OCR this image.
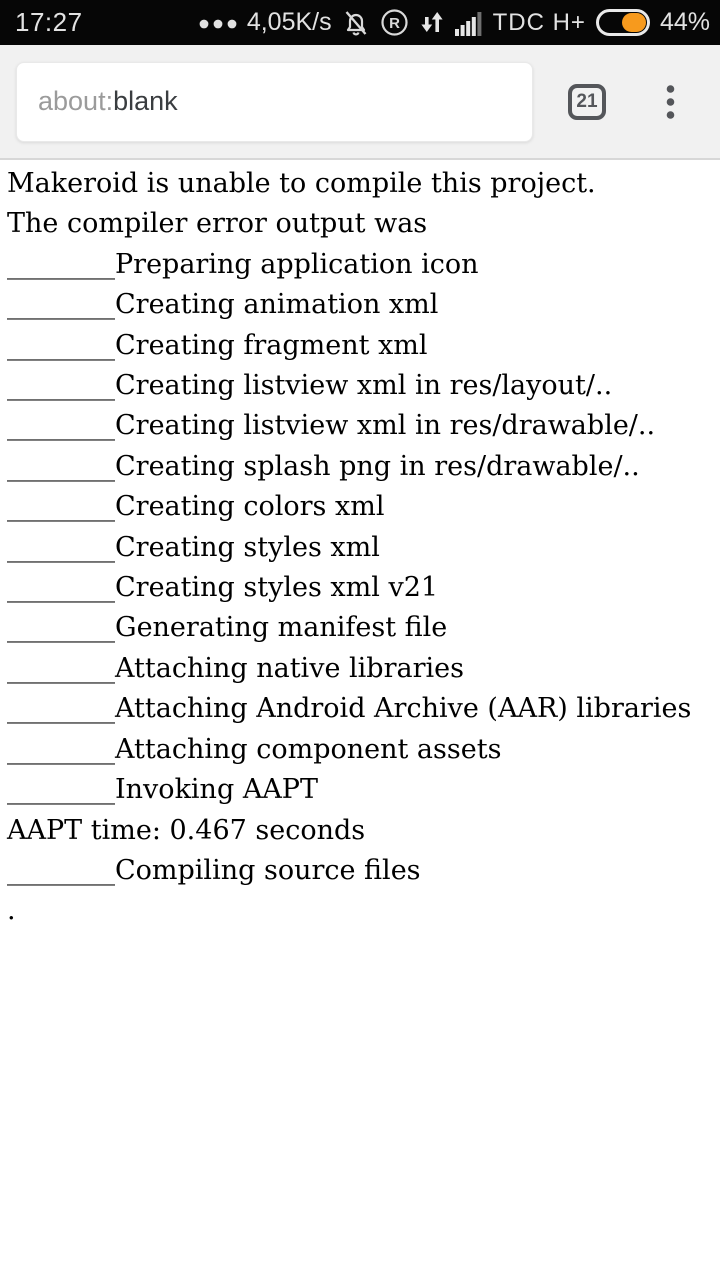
17:27	4,05K/s	R	TDC H+	44%
about: blank	21
Makeroid is unable to compile this project.
The compiler error output was
________Preparing application icon
________Creating animation xml
________Creating fragment xml
________Creating listview xml in res/layout/..
________Creating listview xml in res/drawable/..
________Creating splash png in res/drawable/..
________Creating colors xml
________Creating styles xml
________Creating styles xml v21
________Generating manifest file
________Attaching native libraries
________Attaching Android Archive (AAR) libraries
________Attaching component assets
________Invoking AAPT
AAPT time: 0.467 seconds
________Compiling source files
.
